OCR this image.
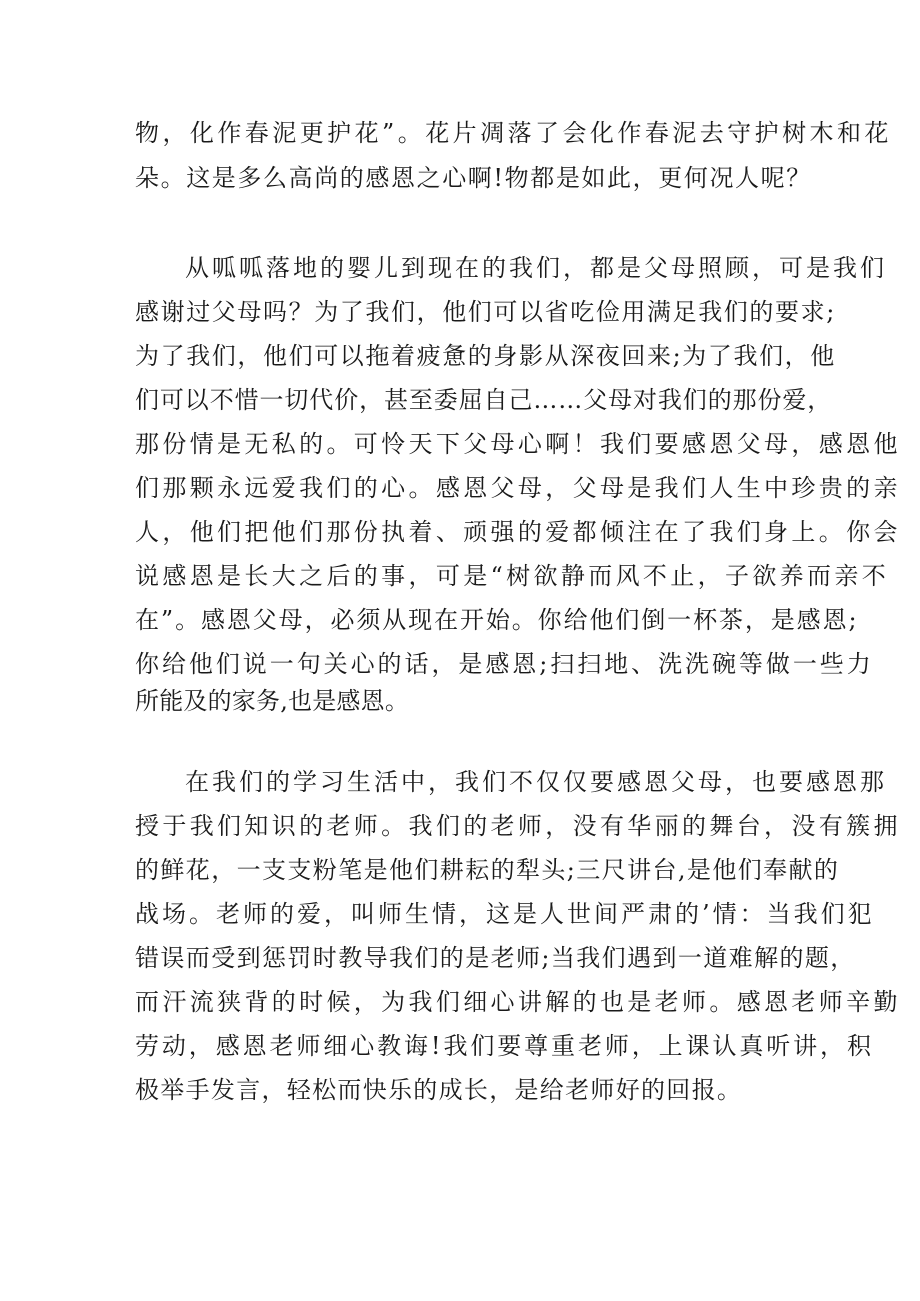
物，化作春泥更护花”。花片凋落了会化作春泥去守护树木和花

朵。这是多么高尚的感恩之心啊!物都是如此，更何况人呢？

从呱呱落地的婴儿到现在的我们，都是父母照顾，可是我们

感谢过父母吗？为了我们，他们可以省吃俭用满足我们的要求;

为了我们，他们可以拖着疲惫的身影从深夜回来;为了我们，他

们可以不惜一切代价，甚至委屈自己……父母对我们的那份爱，

那份情是无私的。可怜天下父母心啊！我们要感恩父母，感恩他

们那颗永远爱我们的心。感恩父母，父母是我们人生中珍贵的亲

人，他们把他们那份执着、顽强的爱都倾注在了我们身上。你会

说感恩是长大之后的事，可是“树欲静而风不止，子欲养而亲不

在”。感恩父母，必须从现在开始。你给他们倒一杯茶，是感恩;

你给他们说一句关心的话，是感恩;扫扫地、洗洗碗等做一些力

所能及的家务,也是感恩。

在我们的学习生活中，我们不仅仅要感恩父母，也要感恩那

授于我们知识的老师。我们的老师，没有华丽的舞台，没有簇拥

的鲜花，一支支粉笔是他们耕耘的犁头;三尺讲台,是他们奉献的

战场。老师的爱，叫师生情，这是人世间严肃的’情：当我们犯

错误而受到惩罚时教导我们的是老师;当我们遇到一道难解的题，

而汗流狭背的时候，为我们细心讲解的也是老师。感恩老师辛勤

劳动，感恩老师细心教诲!我们要尊重老师，上课认真听讲，积

极举手发言，轻松而快乐的成长，是给老师好的回报。
